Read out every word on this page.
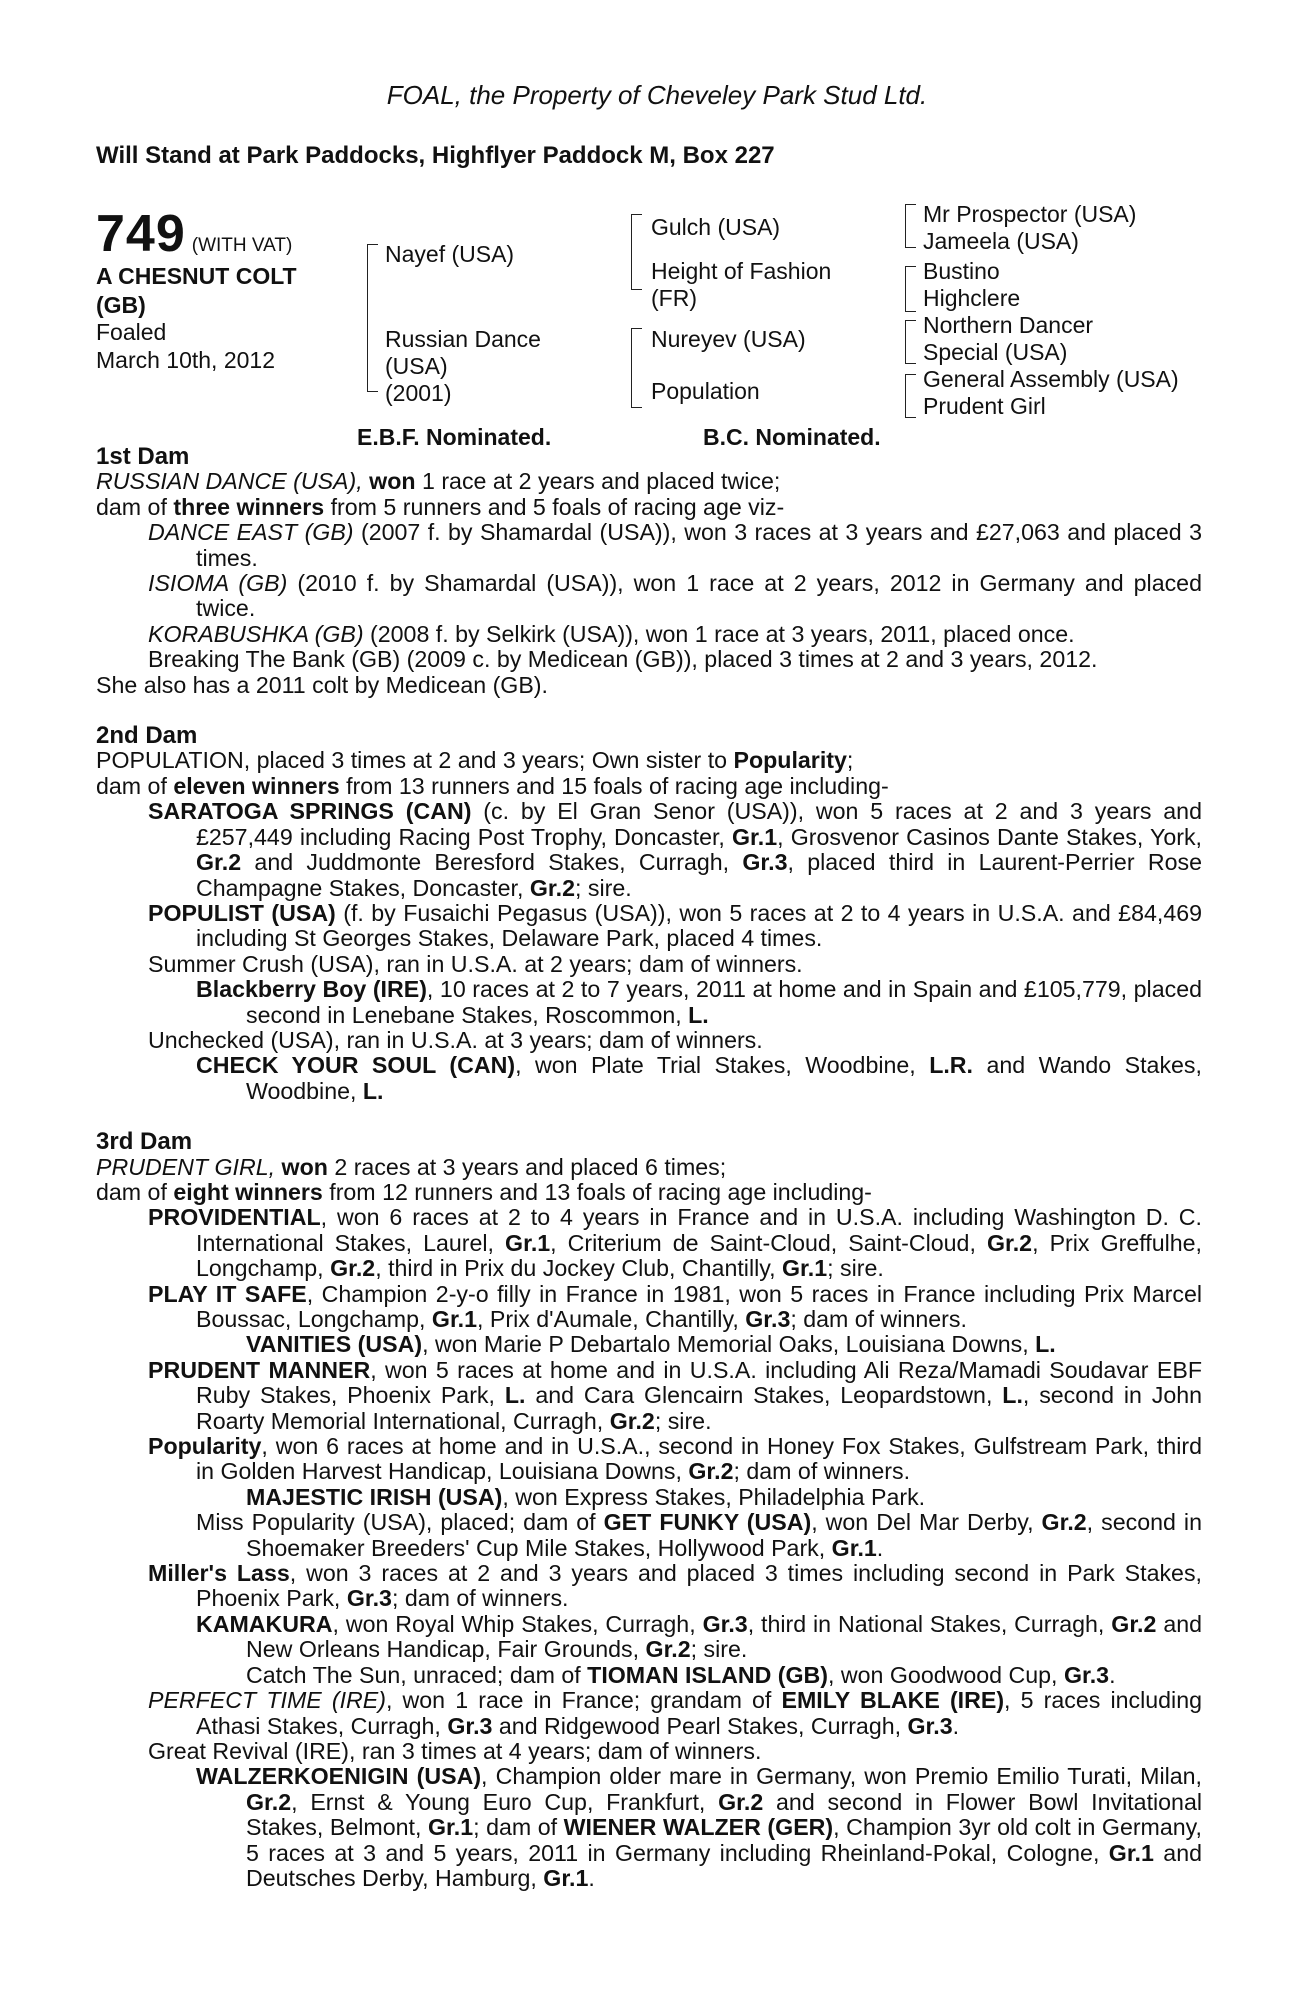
FOAL, the Property of Cheveley Park Stud Ltd.
Will Stand at Park Paddocks, Highflyer Paddock M, Box 227
749 (WITH VAT)
A CHESNUT COLT
(GB)
Foaled
March 10th, 2012
Nayef (USA)
Russian Dance
(USA)
(2001)
Gulch (USA)
Height of Fashion
(FR)
Nureyev (USA)
Population
Mr Prospector (USA)
Jameela (USA)
Bustino
Highclere
Northern Dancer
Special (USA)
General Assembly (USA)
Prudent Girl
E.B.F. Nominated.	B.C. Nominated.
1st Dam

RUSSIAN DANCE (USA), won 1 race at 2 years and placed twice;

dam of three winners from 5 runners and 5 foals of racing age viz-

DANCE EAST (GB) (2007 f. by Shamardal (USA)), won 3 races at 3 years and £27,063 and placed 3 times.

ISIOMA (GB) (2010 f. by Shamardal (USA)), won 1 race at 2 years, 2012 in Germany and placed twice.

KORABUSHKA (GB) (2008 f. by Selkirk (USA)), won 1 race at 3 years, 2011, placed once.

Breaking The Bank (GB) (2009 c. by Medicean (GB)), placed 3 times at 2 and 3 years, 2012.

She also has a 2011 colt by Medicean (GB).

2nd Dam

POPULATION, placed 3 times at 2 and 3 years; Own sister to Popularity;

dam of eleven winners from 13 runners and 15 foals of racing age including-

SARATOGA SPRINGS (CAN) (c. by El Gran Senor (USA)), won 5 races at 2 and 3 years and £257,449 including Racing Post Trophy, Doncaster, Gr.1, Grosvenor Casinos Dante Stakes, York, Gr.2 and Juddmonte Beresford Stakes, Curragh, Gr.3, placed third in Laurent-Perrier Rose Champagne Stakes, Doncaster, Gr.2; sire.

POPULIST (USA) (f. by Fusaichi Pegasus (USA)), won 5 races at 2 to 4 years in U.S.A. and £84,469 including St Georges Stakes, Delaware Park, placed 4 times.

Summer Crush (USA), ran in U.S.A. at 2 years; dam of winners.

Blackberry Boy (IRE), 10 races at 2 to 7 years, 2011 at home and in Spain and £105,779, placed second in Lenebane Stakes, Roscommon, L.

Unchecked (USA), ran in U.S.A. at 3 years; dam of winners.

CHECK YOUR SOUL (CAN), won Plate Trial Stakes, Woodbine, L.R. and Wando Stakes, Woodbine, L.

3rd Dam

PRUDENT GIRL, won 2 races at 3 years and placed 6 times;

dam of eight winners from 12 runners and 13 foals of racing age including-

PROVIDENTIAL, won 6 races at 2 to 4 years in France and in U.S.A. including Washington D. C. International Stakes, Laurel, Gr.1, Criterium de Saint-Cloud, Saint-Cloud, Gr.2, Prix Greffulhe, Longchamp, Gr.2, third in Prix du Jockey Club, Chantilly, Gr.1; sire.

PLAY IT SAFE, Champion 2-y-o filly in France in 1981, won 5 races in France including Prix Marcel Boussac, Longchamp, Gr.1, Prix d'Aumale, Chantilly, Gr.3; dam of winners.

VANITIES (USA), won Marie P Debartalo Memorial Oaks, Louisiana Downs, L.

PRUDENT MANNER, won 5 races at home and in U.S.A. including Ali Reza/Mamadi Soudavar EBF Ruby Stakes, Phoenix Park, L. and Cara Glencairn Stakes, Leopardstown, L., second in John Roarty Memorial International, Curragh, Gr.2; sire.

Popularity, won 6 races at home and in U.S.A., second in Honey Fox Stakes, Gulfstream Park, third in Golden Harvest Handicap, Louisiana Downs, Gr.2; dam of winners.

MAJESTIC IRISH (USA), won Express Stakes, Philadelphia Park.

Miss Popularity (USA), placed; dam of GET FUNKY (USA), won Del Mar Derby, Gr.2, second in Shoemaker Breeders' Cup Mile Stakes, Hollywood Park, Gr.1.

Miller's Lass, won 3 races at 2 and 3 years and placed 3 times including second in Park Stakes, Phoenix Park, Gr.3; dam of winners.

KAMAKURA, won Royal Whip Stakes, Curragh, Gr.3, third in National Stakes, Curragh, Gr.2 and New Orleans Handicap, Fair Grounds, Gr.2; sire.

Catch The Sun, unraced; dam of TIOMAN ISLAND (GB), won Goodwood Cup, Gr.3.

PERFECT TIME (IRE), won 1 race in France; grandam of EMILY BLAKE (IRE), 5 races including Athasi Stakes, Curragh, Gr.3 and Ridgewood Pearl Stakes, Curragh, Gr.3.

Great Revival (IRE), ran 3 times at 4 years; dam of winners.

WALZERKOENIGIN (USA), Champion older mare in Germany, won Premio Emilio Turati, Milan, Gr.2, Ernst & Young Euro Cup, Frankfurt, Gr.2 and second in Flower Bowl Invitational Stakes, Belmont, Gr.1; dam of WIENER WALZER (GER), Champion 3yr old colt in Germany, 5 races at 3 and 5 years, 2011 in Germany including Rheinland-Pokal, Cologne, Gr.1 and Deutsches Derby, Hamburg, Gr.1.
